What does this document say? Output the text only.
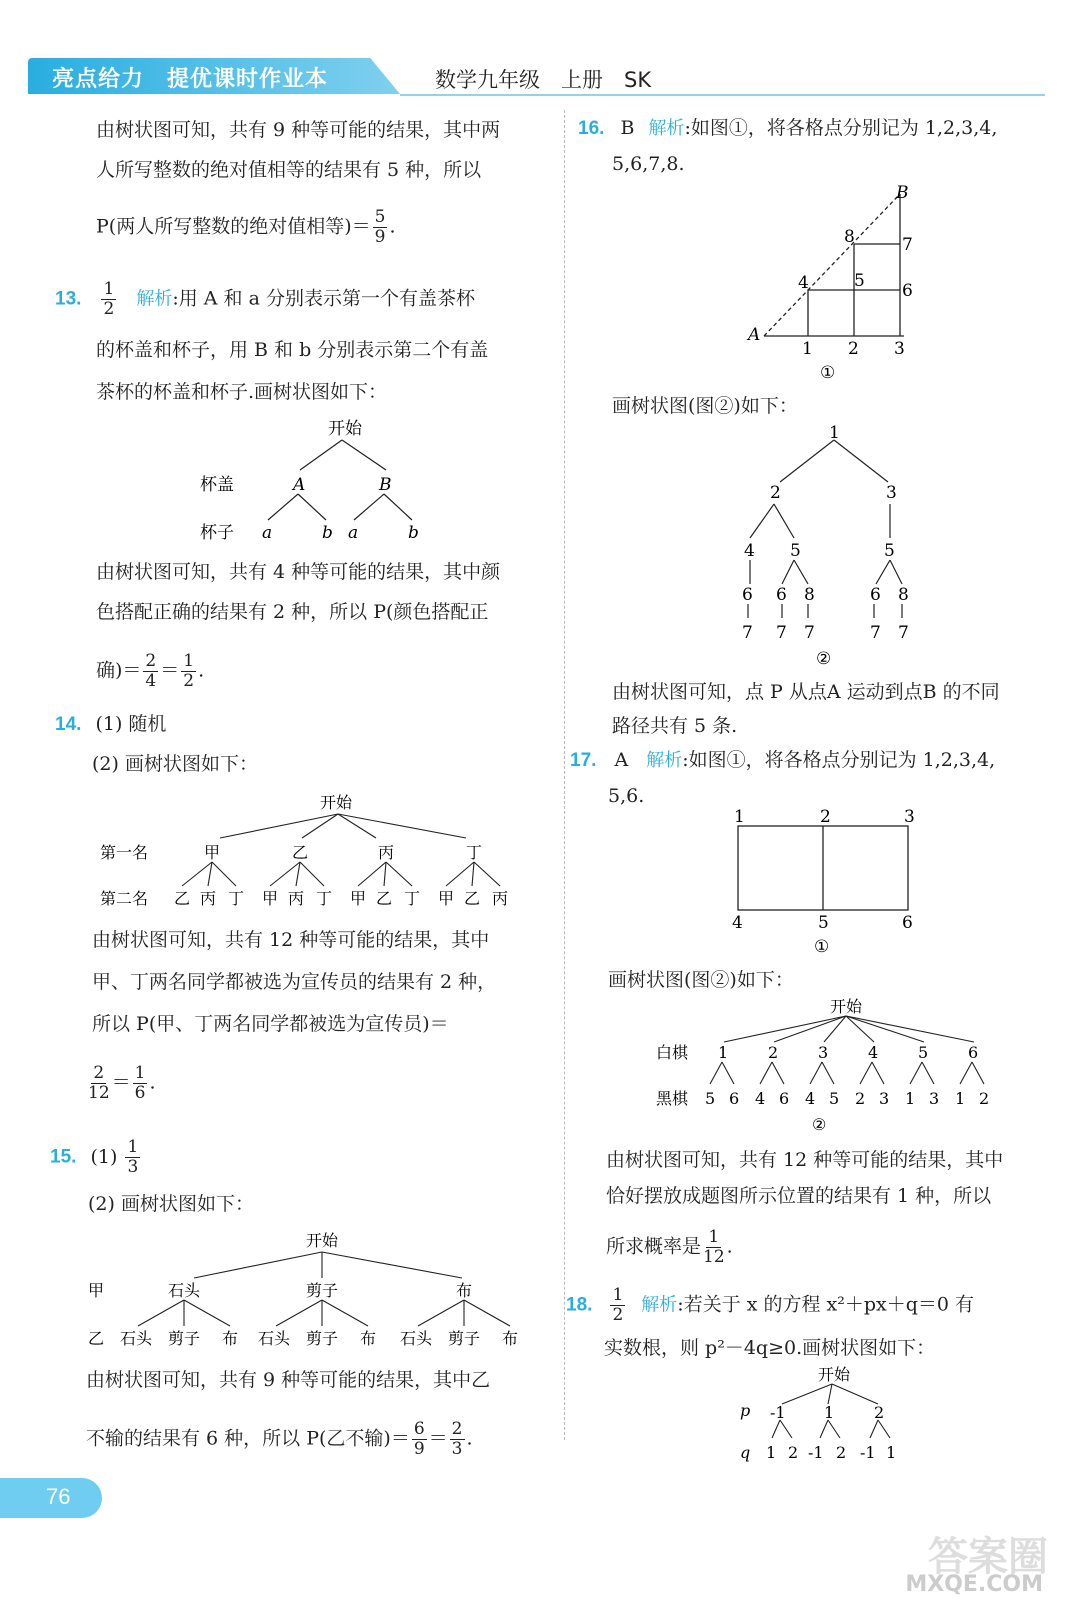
亮点给力　提优课时作业本	数学九年级　上册　SK
由树状图可知，共有 9 种等可能的结果，其中两
人所写整数的绝对值相等的结果有 5 种，所以
P(两人所写整数的绝对值相等)＝ $\frac{5}{9}$ .
13. $\frac{1}{2}$ 解析:用 A 和 a 分别表示第一个有盖茶杯
的杯盖和杯子，用 B 和 b 分别表示第二个有盖
茶杯的杯盖和杯子.画树状图如下：
开始
杯盖
杯子
A	B
a	b a	b
由树状图可知，共有 4 种等可能的结果，其中颜
色搭配正确的结果有 2 种，所以 P(颜色搭配正
确)＝ $\frac{2}{4} = \frac{1}{2}$ .
14. (1) 随机
(2) 画树状图如下：
开始
第一名
第二名
甲	乙	丙	丁
乙 丙 丁 甲 丙 丁 甲 乙 丁 甲 乙 丙
由树状图可知，共有 12 种等可能的结果，其中
甲、丁两名同学都被选为宣传员的结果有 2 种，
所以 P(甲、丁两名同学都被选为宣传员)＝
$\frac{2}{12} = \frac{1}{6}$ .
15. $(1) \frac{1}{3}$
(2) 画树状图如下：
开始
甲
乙
石头	剪子	布
石头 剪子 布 石头 剪子 布 石头 剪子 布
由树状图可知，共有 9 种等可能的结果，其中乙
不输的结果有 6 种，所以 P(乙不输)＝ $\frac{6}{9} = \frac{2}{3}$ .
16. B 解析:如图①，将各格点分别记为 1,2,3,4,
5,6,7,8.
A
B
1 2 3
4	5 6
7
8
①
画树状图(图②)如下：
1
2	3
4 5	5
6 6 8	6 8
7 7 7	7 7
②
由树状图可知，点 P 从点A 运动到点B 的不同
路径共有 5 条.
17. A 解析:如图①，将各格点分别记为 1,2,3,4,
5,6.
1	2	3
4	5	6
①
画树状图(图②)如下：
开始
白棋
黑棋
1 2 3 4 5 6
5 6 4 6 4 5 2 3 1 3 1 2
②
由树状图可知，共有 12 种等可能的结果，其中
恰好摆放成题图所示位置的结果有 1 种，所以
所求概率是 $\frac{1}{12}$ .
18. $\frac{1}{2}$ 解析:若关于 x 的方程 x²＋px＋q＝0 有
实数根，则 p²－4q≥0.画树状图如下：
开始
p
q
-1 1 2
1 2 -1 2 -1 1
76
答案圈
MXQE.COM
